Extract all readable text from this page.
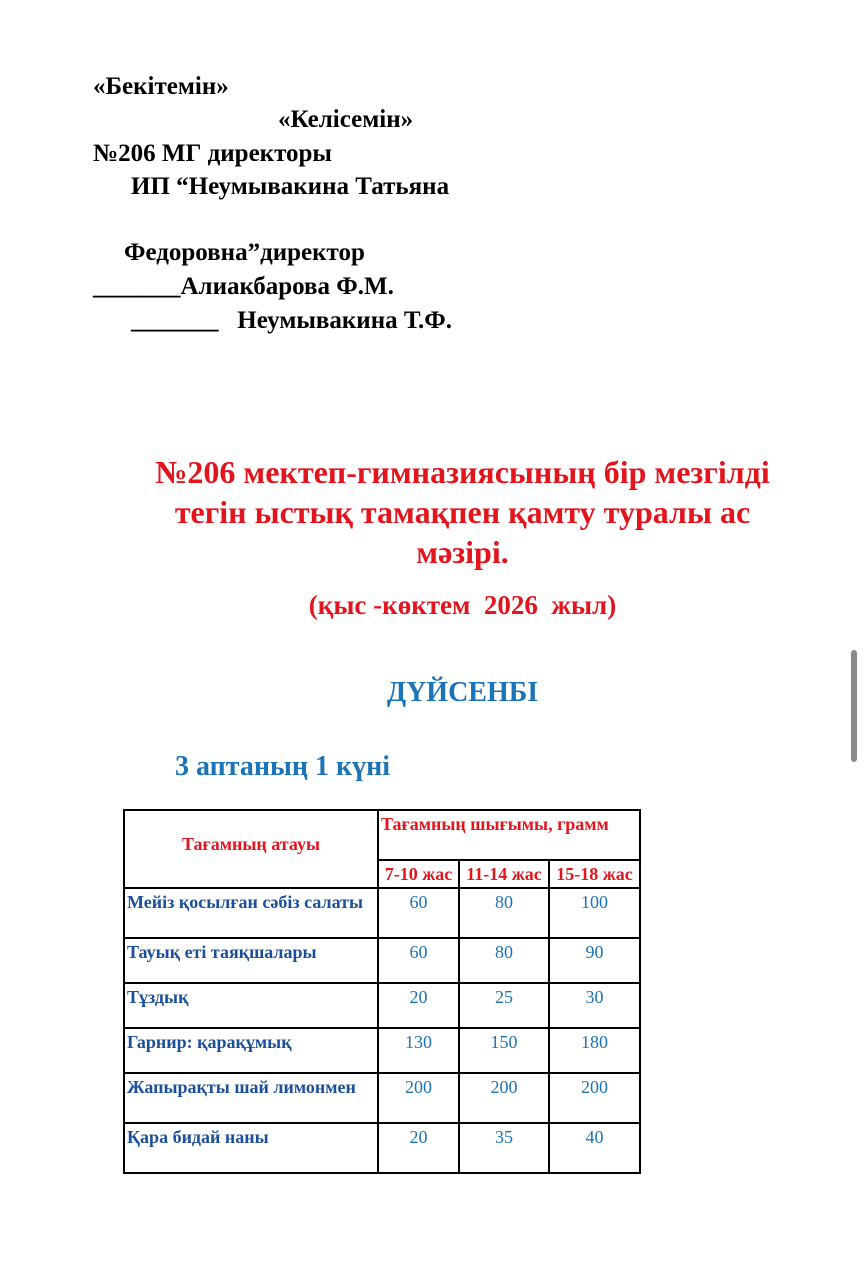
«Бекітемін»
«Келісемін»
№206 МГ директоры
ИП “Неумывакина Татьяна
Федоровна”директор
_______Алиакбарова Ф.М.
_______   Неумывакина Т.Ф.
№206 мектеп-гимназиясының бір мезгілді
тегін ыстық тамақпен қамту туралы ас
мәзірі.
(қыс -көктем  2026  жыл)
ДҮЙСЕНБІ
3 аптаның 1 күні
Тағамның атауы	Тағамның шығымы, грамм		
	7-10 жас	11-14 жас	15-18 жас
Мейіз қосылған сәбіз салаты	60	80	100
Тауық еті таяқшалары	60	80	90
Тұздық	20	25	30
Гарнир: қарақұмық	130	150	180
Жапырақты шай лимонмен	200	200	200
Қара бидай наны	20	35	40
